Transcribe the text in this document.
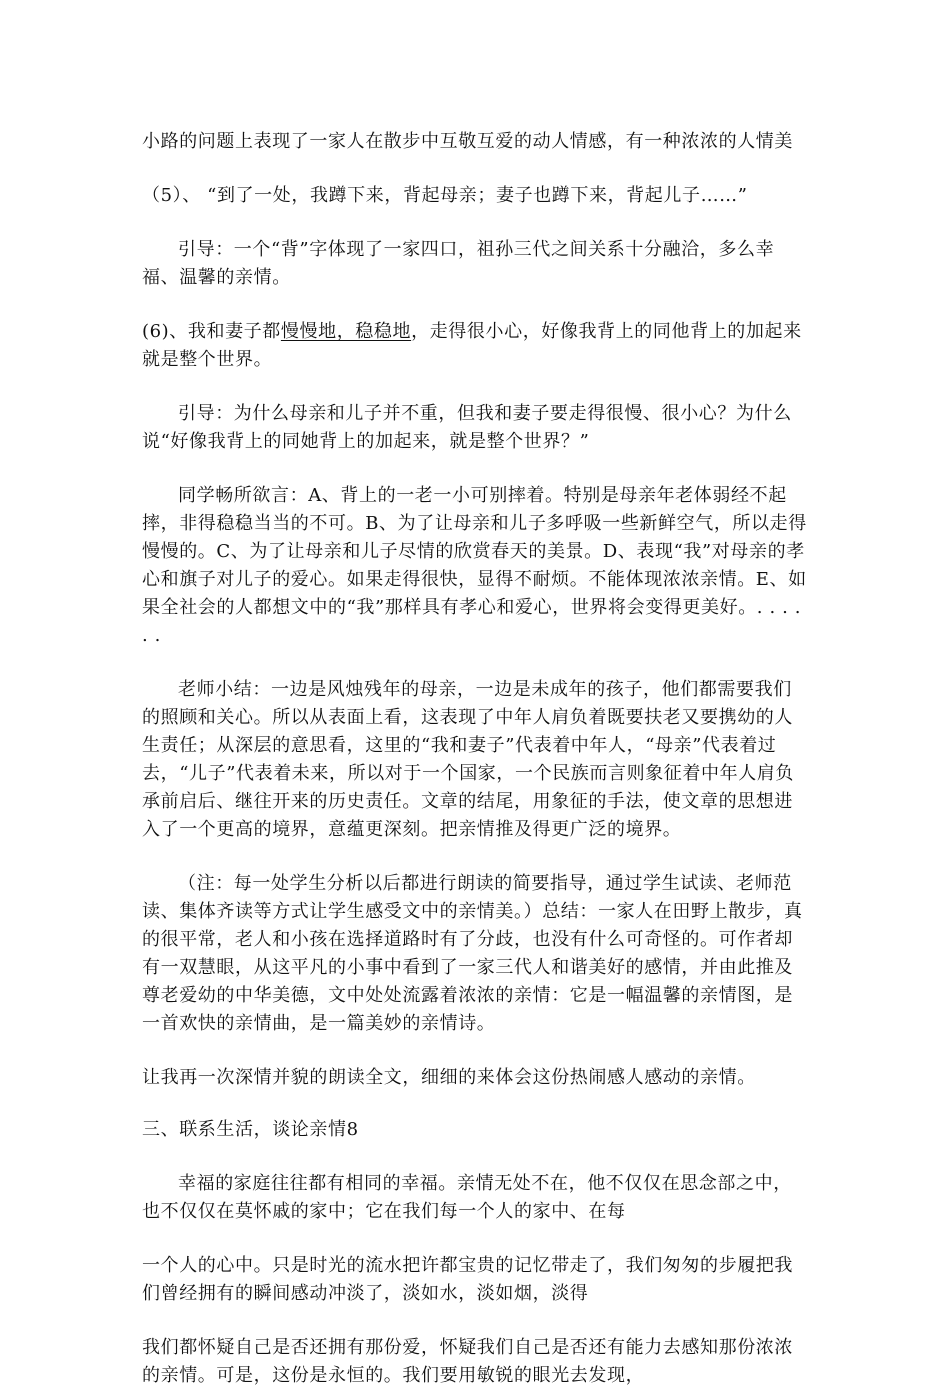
小路的问题上表现了一家人在散步中互敬互爱的动人情感，有一种浓浓的人情美

（5）、 “到了一处，我蹲下来，背起母亲；妻子也蹲下来，背起儿子……”

引导：一个“背”字体现了一家四口，祖孙三代之间关系十分融洽，多么幸福、温馨的亲情。

(6)、我和妻子都慢慢地，稳稳地，走得很小心，好像我背上的同他背上的加起来就是整个世界。

引导：为什么母亲和儿子并不重，但我和妻子要走得很慢、很小心？为什么说“好像我背上的同她背上的加起来，就是整个世界？”

同学畅所欲言：A、背上的一老一小可别摔着。特别是母亲年老体弱经不起摔，非得稳稳当当的不可。B、为了让母亲和儿子多呼吸一些新鲜空气，所以走得慢慢的。C、为了让母亲和儿子尽情的欣赏春天的美景。D、表现“我”对母亲的孝心和旗子对儿子的爱心。如果走得很快，显得不耐烦。不能体现浓浓亲情。E、如果全社会的人都想文中的“我”那样具有孝心和爱心，世界将会变得更美好。. . . . . .

老师小结：一边是风烛残年的母亲，一边是未成年的孩子，他们都需要我们的照顾和关心。所以从表面上看，这表现了中年人肩负着既要扶老又要携幼的人生责任；从深层的意思看，这里的“我和妻子”代表着中年人，“母亲”代表着过去，“儿子”代表着未来，所以对于一个国家，一个民族而言则象征着中年人肩负承前启后、继往开来的历史责任。文章的结尾，用象征的手法，使文章的思想进入了一个更高的境界，意蕴更深刻。把亲情推及得更广泛的境界。

（注：每一处学生分析以后都进行朗读的简要指导，通过学生试读、老师范读、集体齐读等方式让学生感受文中的亲情美。）总结：一家人在田野上散步，真的很平常，老人和小孩在选择道路时有了分歧，也没有什么可奇怪的。可作者却有一双慧眼，从这平凡的小事中看到了一家三代人和谐美好的感情，并由此推及尊老爱幼的中华美德，文中处处流露着浓浓的亲情：它是一幅温馨的亲情图，是一首欢快的亲情曲，是一篇美妙的亲情诗。

让我再一次深情并貌的朗读全文，细细的来体会这份热闹感人感动的亲情。

三、联系生活，谈论亲情8

幸福的家庭往往都有相同的幸福。亲情无处不在，他不仅仅在思念部之中，也不仅仅在莫怀戚的家中；它在我们每一个人的家中、在每

一个人的心中。只是时光的流水把许都宝贵的记忆带走了，我们匆匆的步履把我们曾经拥有的瞬间感动冲淡了，淡如水，淡如烟，淡得

我们都怀疑自己是否还拥有那份爱，怀疑我们自己是否还有能力去感知那份浓浓的亲情。可是，这份是永恒的。我们要用敏锐的眼光去发现，
